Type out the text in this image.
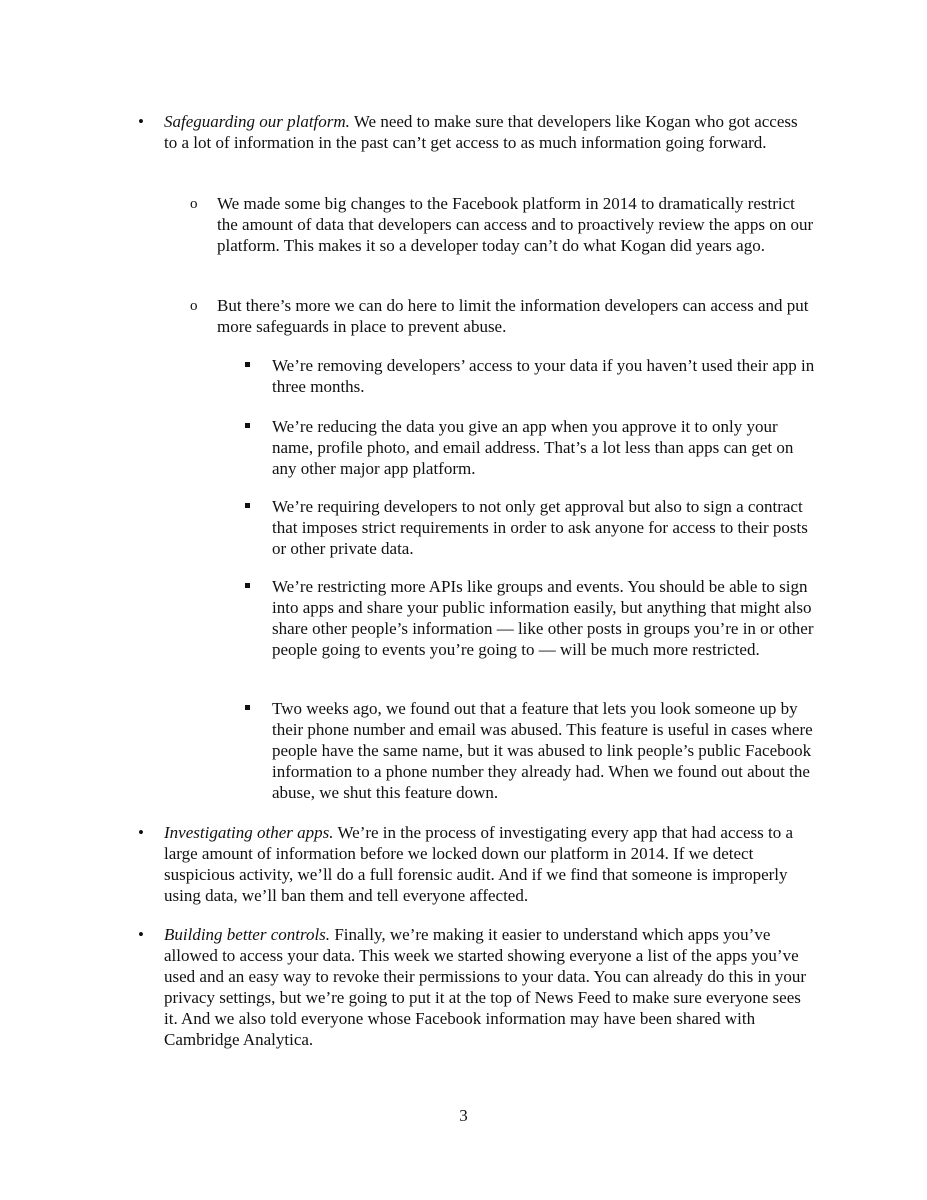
• Safeguarding our platform. We need to make sure that developers like Kogan who got access to a lot of information in the past can’t get access to as much information going forward.
o We made some big changes to the Facebook platform in 2014 to dramatically restrict the amount of data that developers can access and to proactively review the apps on our platform. This makes it so a developer today can’t do what Kogan did years ago.
o But there’s more we can do here to limit the information developers can access and put more safeguards in place to prevent abuse.
We’re removing developers’ access to your data if you haven’t used their app in three months.
We’re reducing the data you give an app when you approve it to only your name, profile photo, and email address. That’s a lot less than apps can get on any other major app platform.
We’re requiring developers to not only get approval but also to sign a contract that imposes strict requirements in order to ask anyone for access to their posts or other private data.
We’re restricting more APIs like groups and events. You should be able to sign into apps and share your public information easily, but anything that might also share other people’s information — like other posts in groups you’re in or other people going to events you’re going to — will be much more restricted.
Two weeks ago, we found out that a feature that lets you look someone up by their phone number and email was abused. This feature is useful in cases where people have the same name, but it was abused to link people’s public Facebook information to a phone number they already had. When we found out about the abuse, we shut this feature down.
• Investigating other apps. We’re in the process of investigating every app that had access to a large amount of information before we locked down our platform in 2014. If we detect suspicious activity, we’ll do a full forensic audit. And if we find that someone is improperly using data, we’ll ban them and tell everyone affected.
• Building better controls. Finally, we’re making it easier to understand which apps you’ve allowed to access your data. This week we started showing everyone a list of the apps you’ve used and an easy way to revoke their permissions to your data. You can already do this in your privacy settings, but we’re going to put it at the top of News Feed to make sure everyone sees it. And we also told everyone whose Facebook information may have been shared with Cambridge Analytica.
3
